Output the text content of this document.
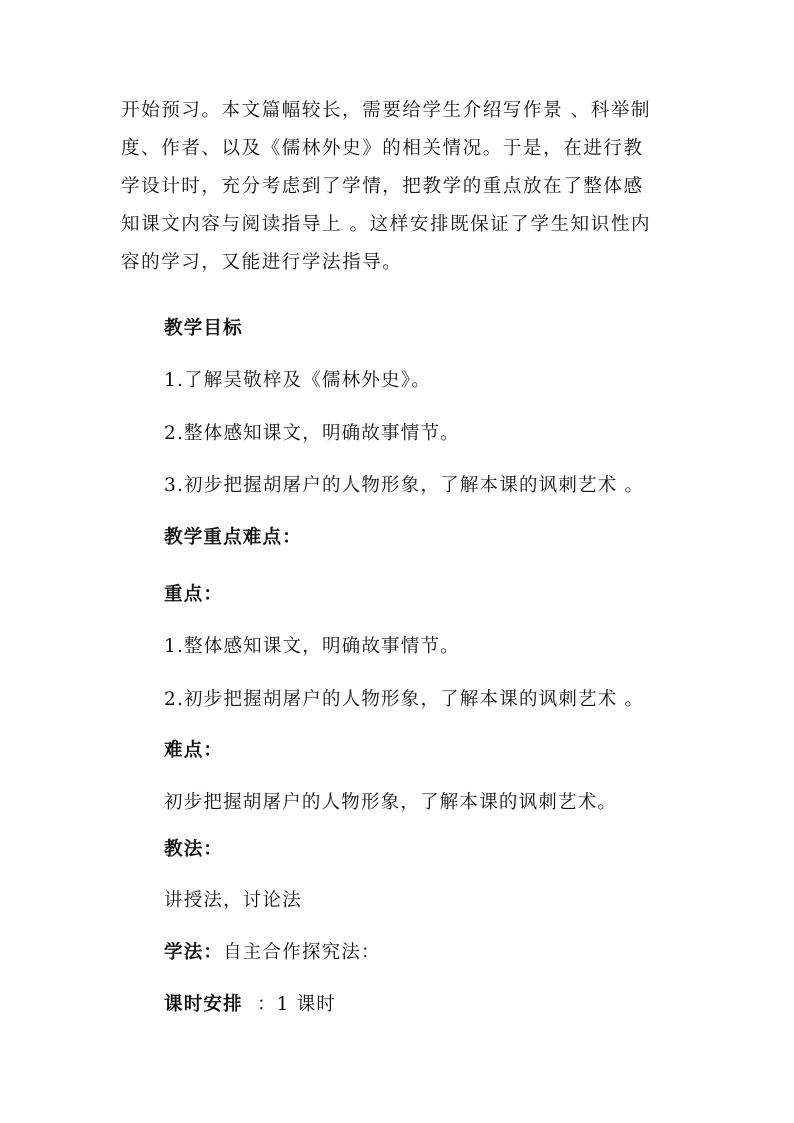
开始预习。本文篇幅较长，需要给学生介绍写作景 、科举制
度、作者、以及《儒林外史》的相关情况。于是，在进行教
学设计时，充分考虑到了学情，把教学的重点放在了整体感
知课文内容与阅读指导上 。这样安排既保证了学生知识性内
容的学习，又能进行学法指导。

教学目标

1.了解吴敬梓及《儒林外史》。

2.整体感知课文，明确故事情节。

3.初步把握胡屠户的人物形象，了解本课的讽刺艺术 。

教学重点难点：

重点：

1.整体感知课文，明确故事情节。

2.初步把握胡屠户的人物形象，了解本课的讽刺艺术 。

难点：

初步把握胡屠户的人物形象，了解本课的讽刺艺术。

教法：

讲授法，讨论法

学法：自主合作探究法：

课时安排  ：1 课时
